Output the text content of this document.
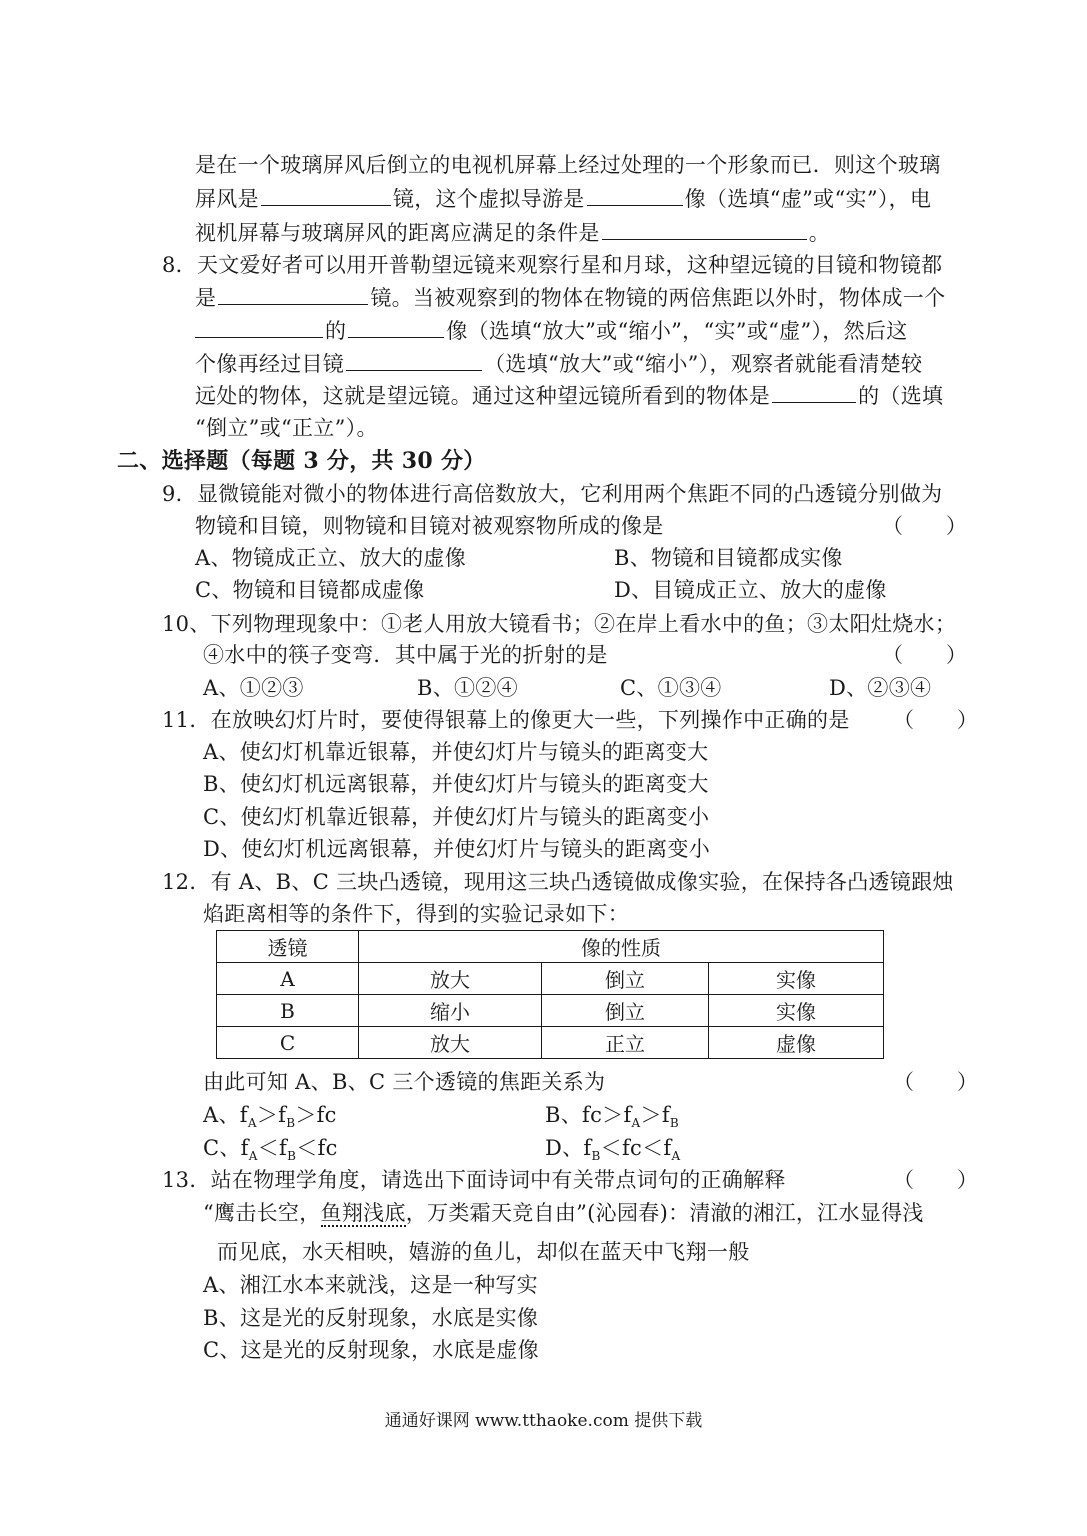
是在一个玻璃屏风后倒立的电视机屏幕上经过处理的一个形象而已．则这个玻璃
屏风是	镜，这个虚拟导游是	像（选填“虚”或“实”），电
视机屏幕与玻璃屏风的距离应满足的条件是	。
8．天文爱好者可以用开普勒望远镜来观察行星和月球，这种望远镜的目镜和物镜都
是	镜。当被观察到的物体在物镜的两倍焦距以外时，物体成一个
的	像（选填“放大”或“缩小”，“实”或“虚”），然后这
个像再经过目镜	（选填“放大”或“缩小”），观察者就能看清楚较
远处的物体，这就是望远镜。通过这种望远镜所看到的物体是	的（选填
“倒立”或“正立”）。
二、选择题（每题 3 分，共 30 分）
9．显微镜能对微小的物体进行高倍数放大，它利用两个焦距不同的凸透镜分别做为
物镜和目镜，则物镜和目镜对被观察物所成的像是	（　　）
A、物镜成正立、放大的虚像	B、物镜和目镜都成实像
C、物镜和目镜都成虚像	D、目镜成正立、放大的虚像
10、下列物理现象中：①老人用放大镜看书；②在岸上看水中的鱼；③太阳灶烧水；
④水中的筷子变弯．其中属于光的折射的是	（　　）
A、①②③	B、①②④	C、①③④	D、②③④
11．在放映幻灯片时，要使得银幕上的像更大一些，下列操作中正确的是 （　　）
A、使幻灯机靠近银幕，并使幻灯片与镜头的距离变大
B、使幻灯机远离银幕，并使幻灯片与镜头的距离变大
C、使幻灯机靠近银幕，并使幻灯片与镜头的距离变小
D、使幻灯机远离银幕，并使幻灯片与镜头的距离变小
12．有 A、B、C 三块凸透镜，现用这三块凸透镜做成像实验，在保持各凸透镜跟烛
焰距离相等的条件下，得到的实验记录如下：
透镜	像的性质		
A	放大	倒立	实像
B	缩小	倒立	实像
C	放大	正立	虚像
由此可知 A、B、C 三个透镜的焦距关系为	（　　）
A、$f_A>f_B>fc$	B、$fc>f_A>f_B$
C、$f_A<f_B<fc$	D、$f_B<fc<f_A$
13．站在物理学角度，请选出下面诗词中有关带点词句的正确解释	（　　）
“鹰击长空，鱼翔浅底，万类霜天竞自由”(沁园春)：清澈的湘江，江水显得浅
而见底，水天相映，嬉游的鱼儿，却似在蓝天中飞翔一般
A、湘江水本来就浅，这是一种写实
B、这是光的反射现象，水底是实像
C、这是光的反射现象，水底是虚像
通通好课网 www.tthaoke.com 提供下载
